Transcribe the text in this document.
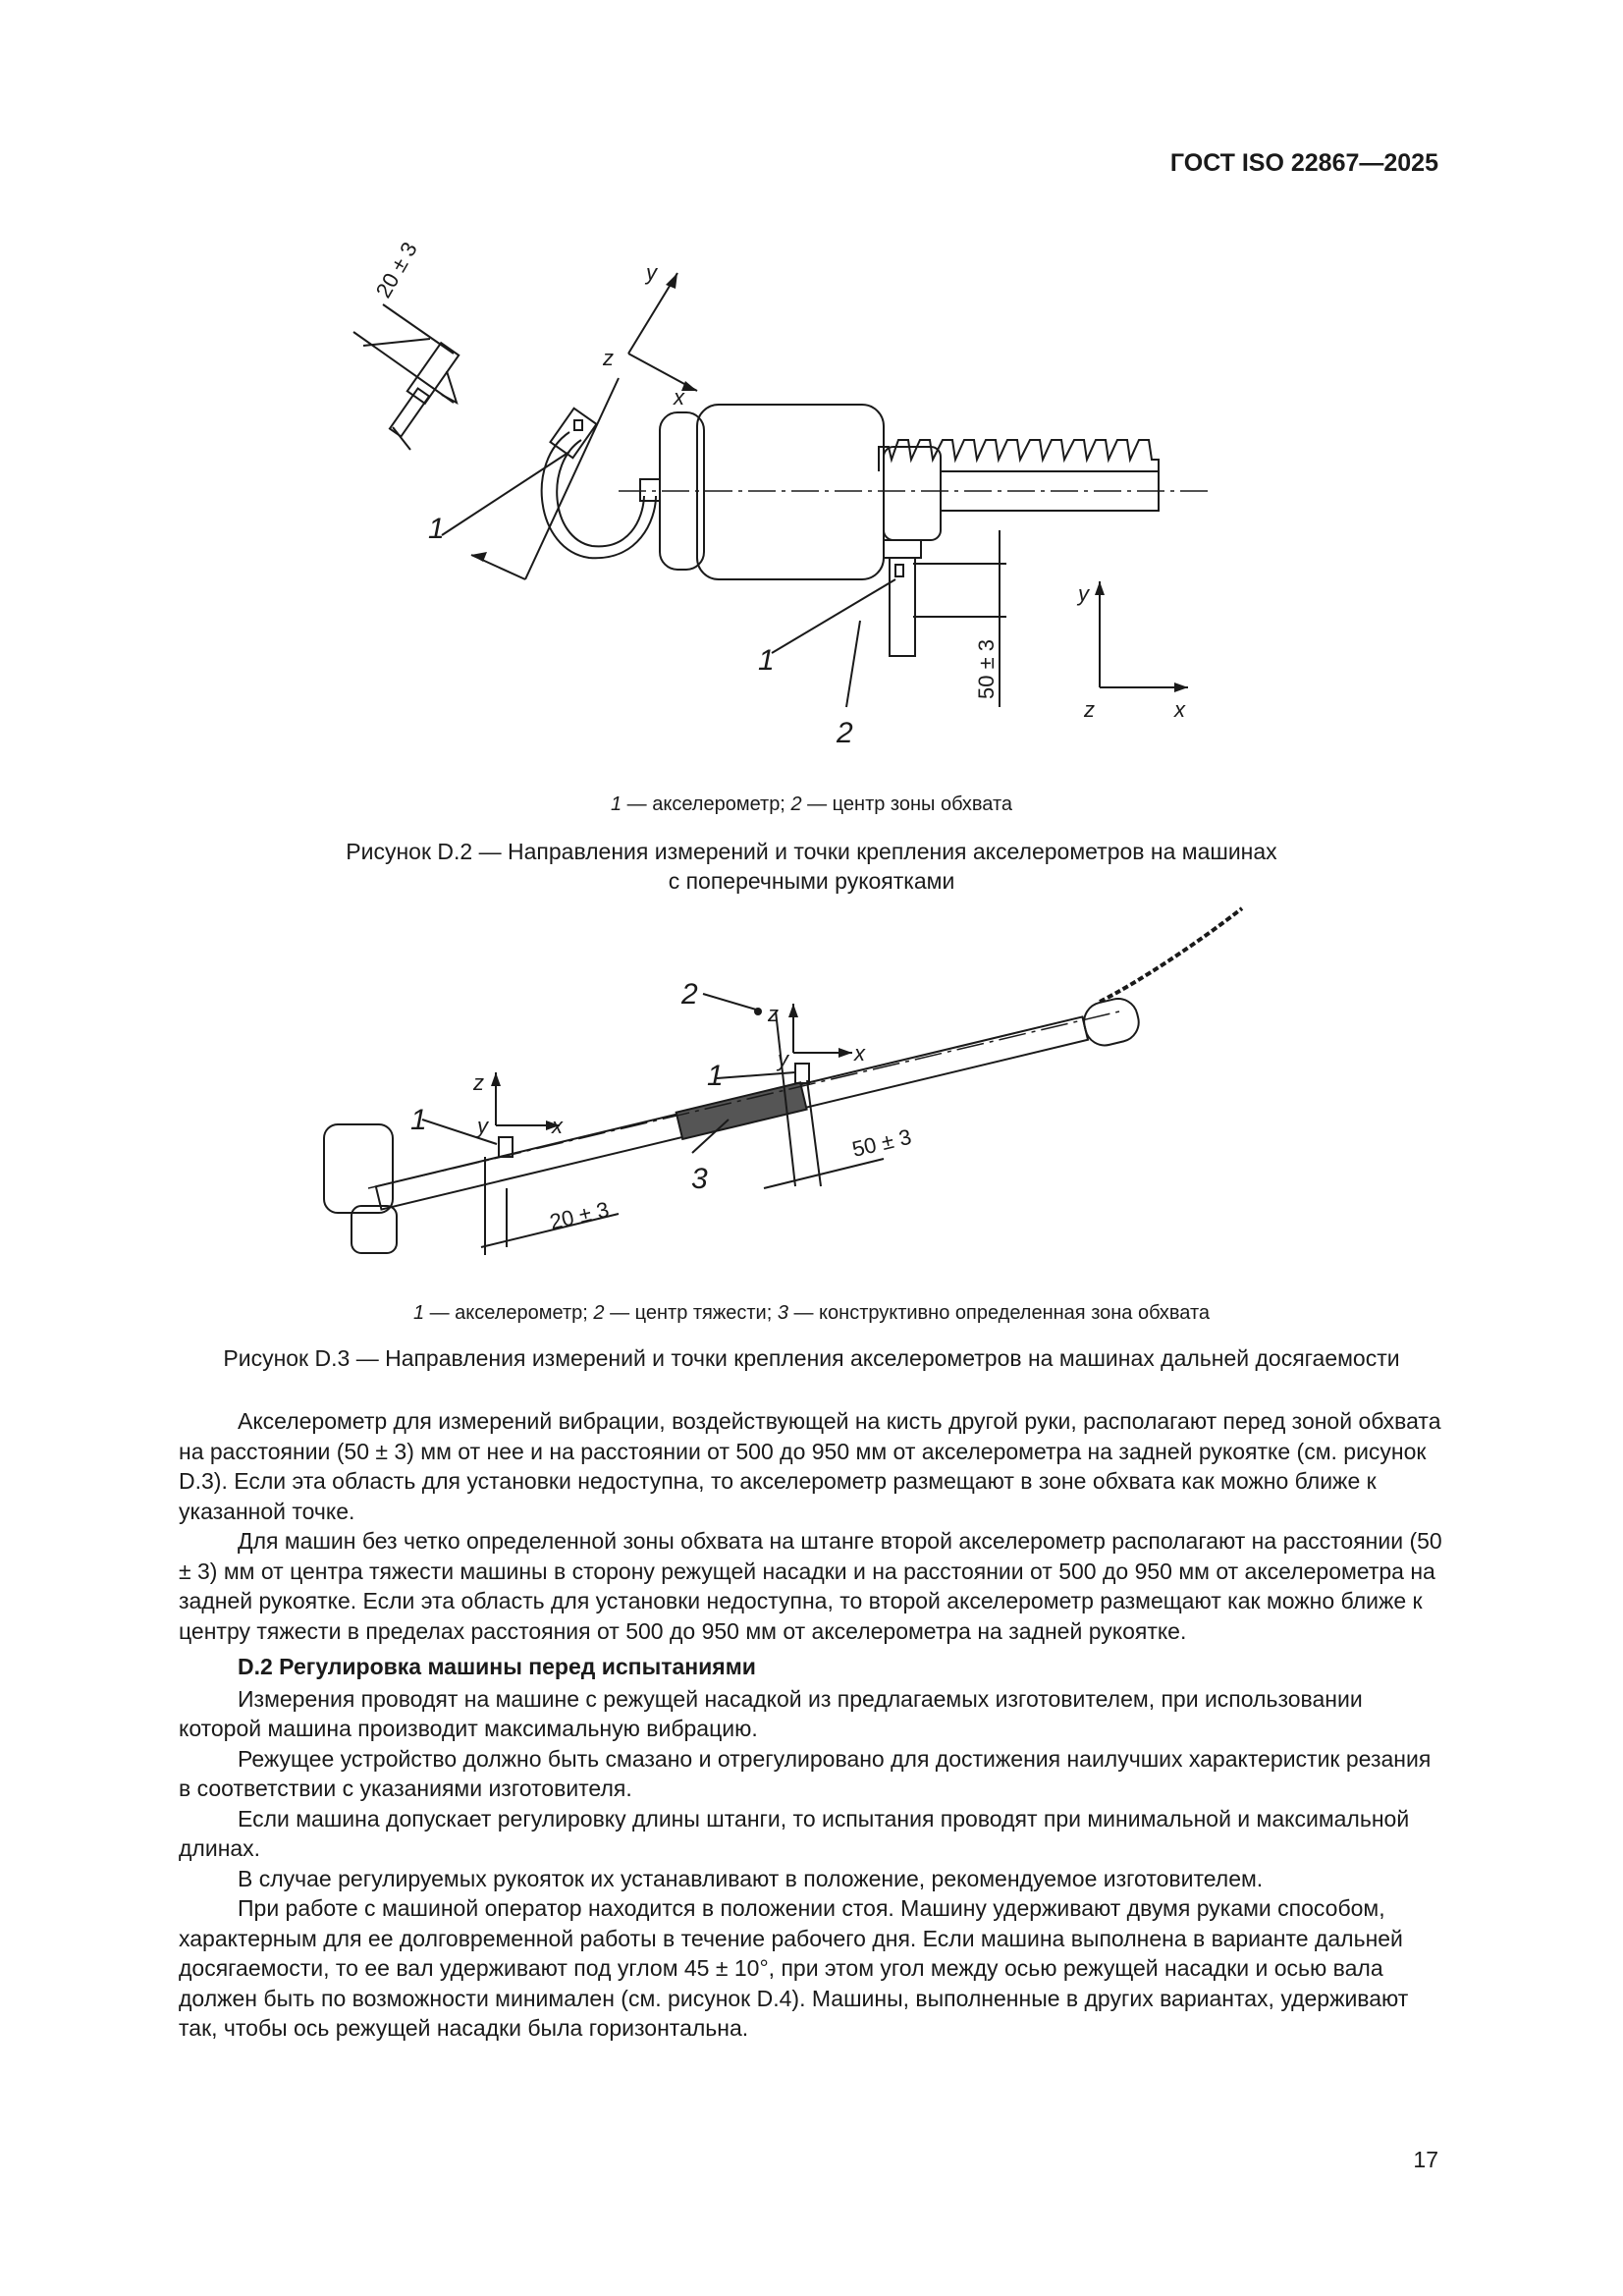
ГОСТ ISO 22867—2025
20 ± 3
50 ± 3
y
z
x
y
z	x
1
1
2
1 — акселерометр; 2 — центр зоны обхвата
Рисунок D.2 — Направления измерений и точки крепления акселерометров на машинах
с поперечными рукоятками
z
y	x
z
y	x
20 ± 3
50 ± 3
2
1
1
3
1 — акселерометр; 2 — центр тяжести; 3 — конструктивно определенная зона обхвата
Рисунок D.3 — Направления измерений и точки крепления акселерометров на машинах дальней досягаемости

Акселерометр для измерений вибрации, воздействующей на кисть другой руки, располагают перед зоной обхвата на расстоянии (50 ± 3) мм от нее и на расстоянии от 500 до 950 мм от акселерометра на задней рукоятке (см. рисунок D.3). Если эта область для установки недоступна, то акселерометр размещают в зоне обхвата как можно ближе к указанной точке.

Для машин без четко определенной зоны обхвата на штанге второй акселерометр располагают на расстоянии (50 ± 3) мм от центра тяжести машины в сторону режущей насадки и на расстоянии от 500 до 950 мм от акселерометра на задней рукоятке. Если эта область для установки недоступна, то второй акселерометр размещают как можно ближе к центру тяжести в пределах расстояния от 500 до 950 мм от акселерометра на задней рукоятке.

D.2 Регулировка машины перед испытаниями

Измерения проводят на машине с режущей насадкой из предлагаемых изготовителем, при использовании которой машина производит максимальную вибрацию.

Режущее устройство должно быть смазано и отрегулировано для достижения наилучших характеристик резания в соответствии с указаниями изготовителя.

Если машина допускает регулировку длины штанги, то испытания проводят при минимальной и максимальной длинах.

В случае регулируемых рукояток их устанавливают в положение, рекомендуемое изготовителем.

При работе с машиной оператор находится в положении стоя. Машину удерживают двумя руками способом, характерным для ее долговременной работы в течение рабочего дня. Если машина выполнена в варианте дальней досягаемости, то ее вал удерживают под углом 45 ± 10°, при этом угол между осью режущей насадки и осью вала должен быть по возможности минимален (см. рисунок D.4). Машины, выполненные в других вариантах, удерживают так, чтобы ось режущей насадки была горизонтальна.

17
